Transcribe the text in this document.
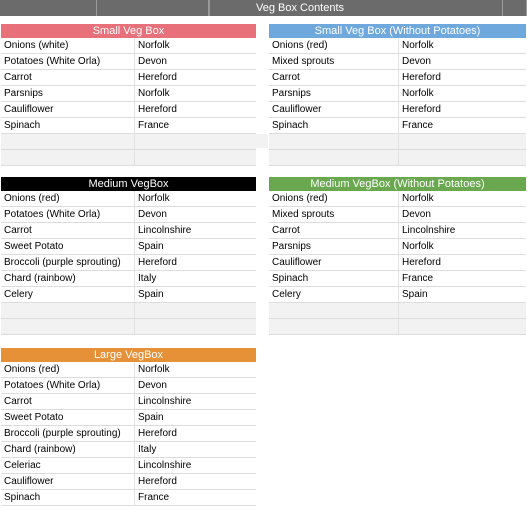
Veg Box Contents
Small Veg Box
Onions (white)	Norfolk
Potatoes (White Orla)	Devon
Carrot	Hereford
Parsnips	Norfolk
Cauliflower	Hereford
Spinach	France
Small Veg Box (Without Potatoes)
Onions (red)	Norfolk
Mixed sprouts	Devon
Carrot	Hereford
Parsnips	Norfolk
Cauliflower	Hereford
Spinach	France
Medium VegBox
Onions (red)	Norfolk
Potatoes (White Orla)	Devon
Carrot	Lincolnshire
Sweet Potato	Spain
Broccoli (purple sprouting)	Hereford
Chard (rainbow)	Italy
Celery	Spain
Medium VegBox (Without Potatoes)
Onions (red)	Norfolk
Mixed sprouts	Devon
Carrot	Lincolnshire
Parsnips	Norfolk
Cauliflower	Hereford
Spinach	France
Celery	Spain
Large VegBox
Onions (red)	Norfolk
Potatoes (White Orla)	Devon
Carrot	Lincolnshire
Sweet Potato	Spain
Broccoli (purple sprouting)	Hereford
Chard (rainbow)	Italy
Celeriac	Lincolnshire
Cauliflower	Hereford
Spinach	France
